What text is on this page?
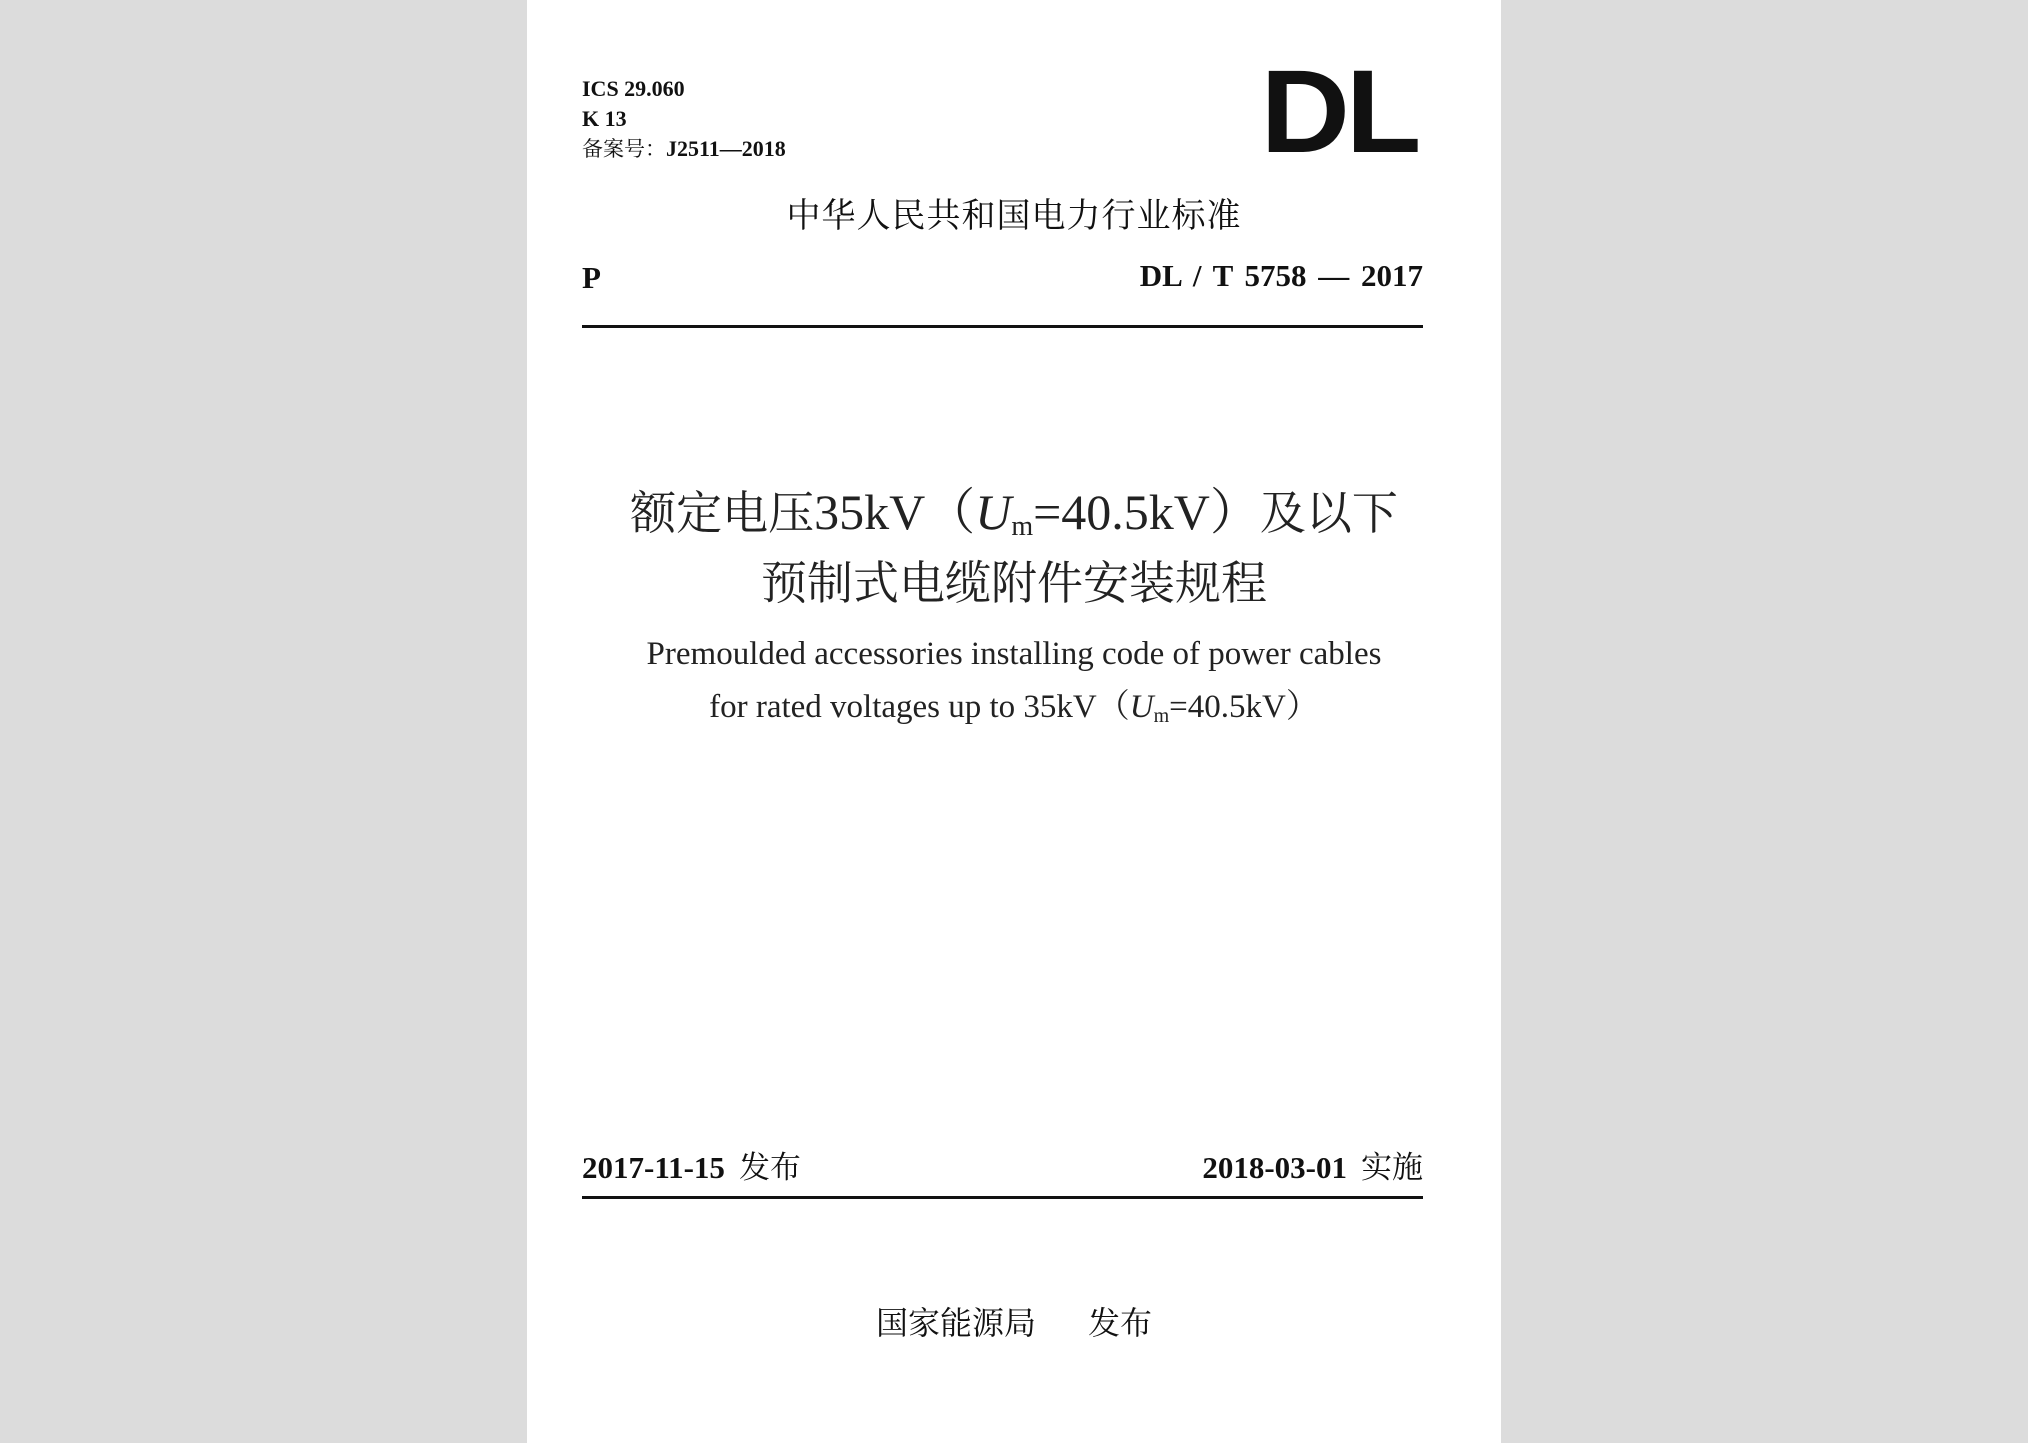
ICS 29.060
K 13
备案号：J2511—2018	DL
中华人民共和国电力行业标准
P	DL / T 5758 — 2017
额定电压$35kV(U_m=40.5kV)$及以下
预制式电缆附件安装规程
Premoulded accessories installing code of power cables
for rated voltages up to $35kV(U_m=40.5kV)$
2017-11-15 发布	2018-03-01 实施
国家能源局 发布
